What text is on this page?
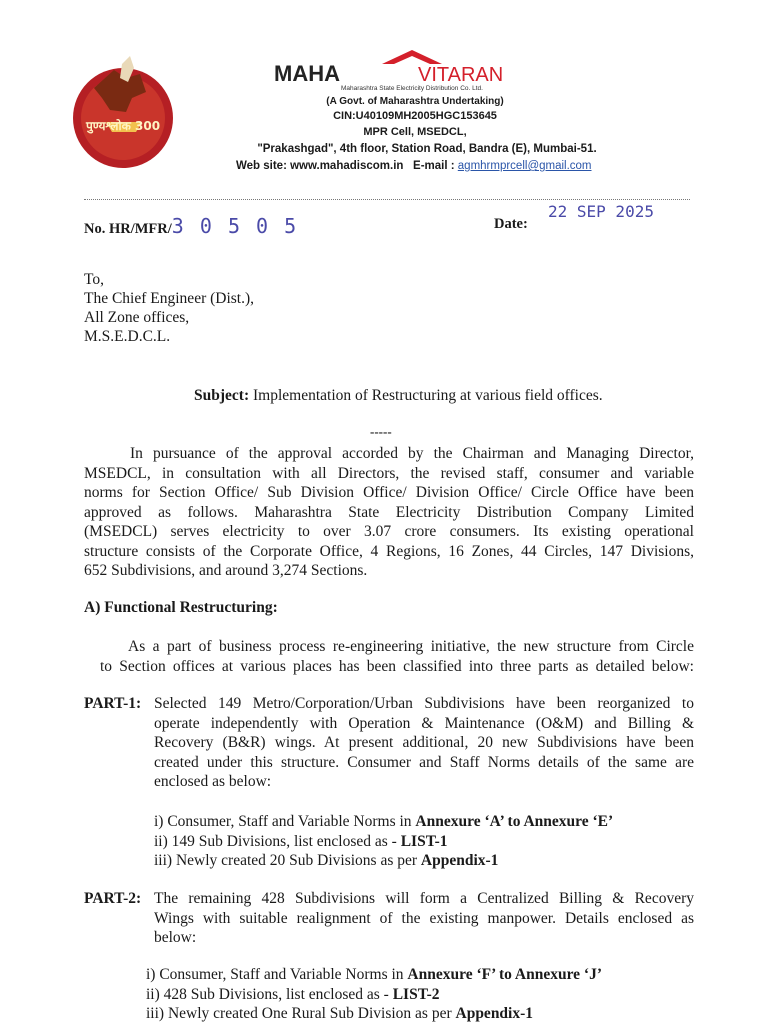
पुण्यश्लोक 300
MAHA	VITARAN
Maharashtra State Electricity Distribution Co. Ltd.
(A Govt. of Maharashtra Undertaking)
CIN:U40109MH2005HGC153645
MPR Cell, MSEDCL,
"Prakashgad", 4th floor, Station Road, Bandra (E), Mumbai-51.
Web site: www.mahadiscom.in E-mail : agmhrmprcell@gmail.com
No. HR/MFR/3 0 5 0 5	Date:
22 SEP 2025
To,
The Chief Engineer (Dist.),
All Zone offices,
M.S.E.D.C.L.
Subject: Implementation of Restructuring at various field offices.
-----
In pursuance of the approval accorded by the Chairman and Managing Director,
MSEDCL, in consultation with all Directors, the revised staff, consumer and variable
norms for Section Office/ Sub Division Office/ Division Office/ Circle Office have been
approved as follows. Maharashtra State Electricity Distribution Company Limited
(MSEDCL) serves electricity to over 3.07 crore consumers. Its existing operational
structure consists of the Corporate Office, 4 Regions, 16 Zones, 44 Circles, 147 Divisions,
652 Subdivisions, and around 3,274 Sections.
A) Functional Restructuring:
As a part of business process re-engineering initiative, the new structure from Circle
to Section offices at various places has been classified into three parts as detailed below:
PART-1: Selected 149 Metro/Corporation/Urban Subdivisions have been reorganized to
operate independently with Operation & Maintenance (O&M) and Billing &
Recovery (B&R) wings. At present additional, 20 new Subdivisions have been
created under this structure. Consumer and Staff Norms details of the same are
enclosed as below:
i) Consumer, Staff and Variable Norms in Annexure ‘A’ to Annexure ‘E’
ii) 149 Sub Divisions, list enclosed as - LIST-1
iii) Newly created 20 Sub Divisions as per Appendix-1
PART-2: The remaining 428 Subdivisions will form a Centralized Billing & Recovery
Wings with suitable realignment of the existing manpower. Details enclosed as
below:
i) Consumer, Staff and Variable Norms in Annexure ‘F’ to Annexure ‘J’
ii) 428 Sub Divisions, list enclosed as - LIST-2
iii) Newly created One Rural Sub Division as per Appendix-1
